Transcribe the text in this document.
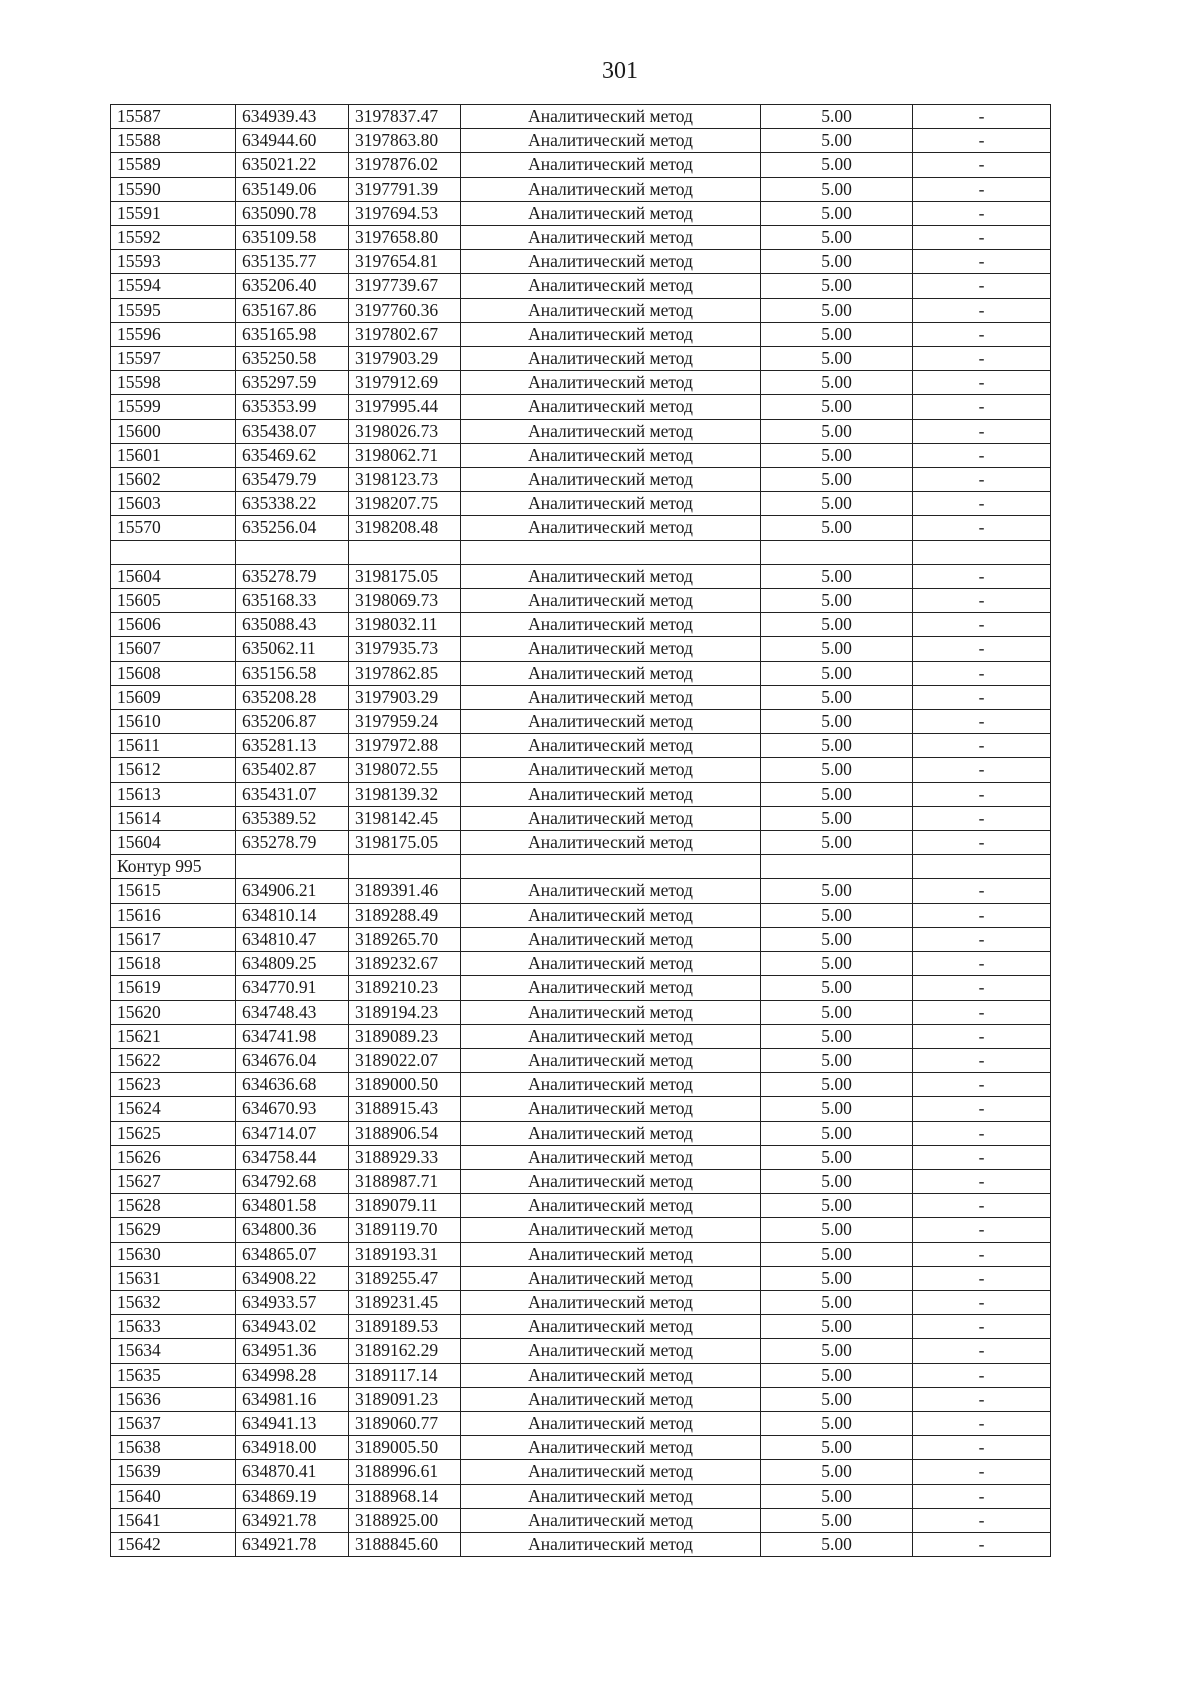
301
15587	634939.43	3197837.47	Аналитический метод	5.00	-
15588	634944.60	3197863.80	Аналитический метод	5.00	-
15589	635021.22	3197876.02	Аналитический метод	5.00	-
15590	635149.06	3197791.39	Аналитический метод	5.00	-
15591	635090.78	3197694.53	Аналитический метод	5.00	-
15592	635109.58	3197658.80	Аналитический метод	5.00	-
15593	635135.77	3197654.81	Аналитический метод	5.00	-
15594	635206.40	3197739.67	Аналитический метод	5.00	-
15595	635167.86	3197760.36	Аналитический метод	5.00	-
15596	635165.98	3197802.67	Аналитический метод	5.00	-
15597	635250.58	3197903.29	Аналитический метод	5.00	-
15598	635297.59	3197912.69	Аналитический метод	5.00	-
15599	635353.99	3197995.44	Аналитический метод	5.00	-
15600	635438.07	3198026.73	Аналитический метод	5.00	-
15601	635469.62	3198062.71	Аналитический метод	5.00	-
15602	635479.79	3198123.73	Аналитический метод	5.00	-
15603	635338.22	3198207.75	Аналитический метод	5.00	-
15570	635256.04	3198208.48	Аналитический метод	5.00	-

15604	635278.79	3198175.05	Аналитический метод	5.00	-
15605	635168.33	3198069.73	Аналитический метод	5.00	-
15606	635088.43	3198032.11	Аналитический метод	5.00	-
15607	635062.11	3197935.73	Аналитический метод	5.00	-
15608	635156.58	3197862.85	Аналитический метод	5.00	-
15609	635208.28	3197903.29	Аналитический метод	5.00	-
15610	635206.87	3197959.24	Аналитический метод	5.00	-
15611	635281.13	3197972.88	Аналитический метод	5.00	-
15612	635402.87	3198072.55	Аналитический метод	5.00	-
15613	635431.07	3198139.32	Аналитический метод	5.00	-
15614	635389.52	3198142.45	Аналитический метод	5.00	-
15604	635278.79	3198175.05	Аналитический метод	5.00	-
Контур 995					
15615	634906.21	3189391.46	Аналитический метод	5.00	-
15616	634810.14	3189288.49	Аналитический метод	5.00	-
15617	634810.47	3189265.70	Аналитический метод	5.00	-
15618	634809.25	3189232.67	Аналитический метод	5.00	-
15619	634770.91	3189210.23	Аналитический метод	5.00	-
15620	634748.43	3189194.23	Аналитический метод	5.00	-
15621	634741.98	3189089.23	Аналитический метод	5.00	-
15622	634676.04	3189022.07	Аналитический метод	5.00	-
15623	634636.68	3189000.50	Аналитический метод	5.00	-
15624	634670.93	3188915.43	Аналитический метод	5.00	-
15625	634714.07	3188906.54	Аналитический метод	5.00	-
15626	634758.44	3188929.33	Аналитический метод	5.00	-
15627	634792.68	3188987.71	Аналитический метод	5.00	-
15628	634801.58	3189079.11	Аналитический метод	5.00	-
15629	634800.36	3189119.70	Аналитический метод	5.00	-
15630	634865.07	3189193.31	Аналитический метод	5.00	-
15631	634908.22	3189255.47	Аналитический метод	5.00	-
15632	634933.57	3189231.45	Аналитический метод	5.00	-
15633	634943.02	3189189.53	Аналитический метод	5.00	-
15634	634951.36	3189162.29	Аналитический метод	5.00	-
15635	634998.28	3189117.14	Аналитический метод	5.00	-
15636	634981.16	3189091.23	Аналитический метод	5.00	-
15637	634941.13	3189060.77	Аналитический метод	5.00	-
15638	634918.00	3189005.50	Аналитический метод	5.00	-
15639	634870.41	3188996.61	Аналитический метод	5.00	-
15640	634869.19	3188968.14	Аналитический метод	5.00	-
15641	634921.78	3188925.00	Аналитический метод	5.00	-
15642	634921.78	3188845.60	Аналитический метод	5.00	-
